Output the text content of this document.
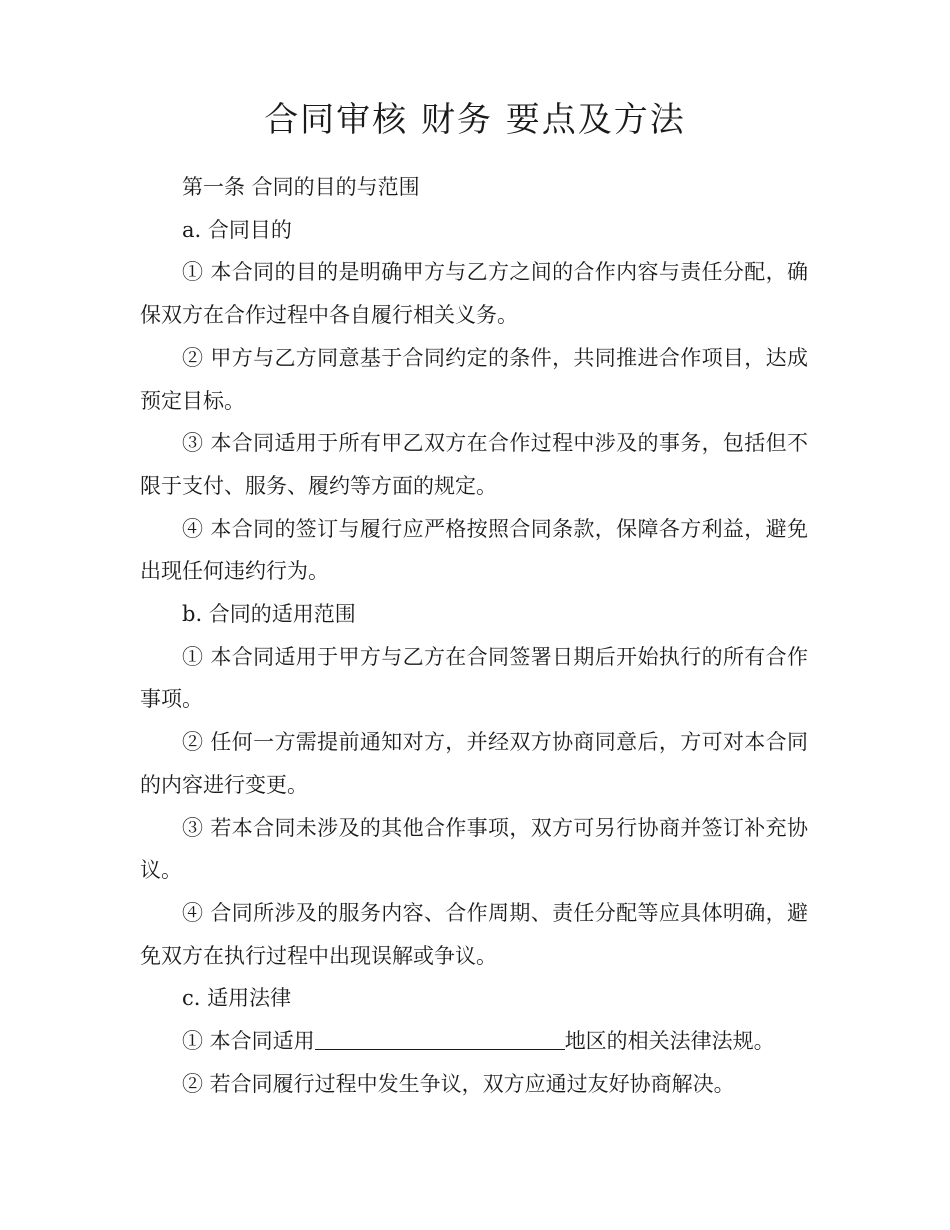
合同审核 财务 要点及方法

第一条 合同的目的与范围

a. 合同目的

① 本合同的目的是明确甲方与乙方之间的合作内容与责任分配，确保双方在合作过程中各自履行相关义务。

② 甲方与乙方同意基于合同约定的条件，共同推进合作项目，达成预定目标。

③ 本合同适用于所有甲乙双方在合作过程中涉及的事务，包括但不限于支付、服务、履约等方面的规定。

④ 本合同的签订与履行应严格按照合同条款，保障各方利益，避免出现任何违约行为。

b. 合同的适用范围

① 本合同适用于甲方与乙方在合同签署日期后开始执行的所有合作事项。

② 任何一方需提前通知对方，并经双方协商同意后，方可对本合同的内容进行变更。

③ 若本合同未涉及的其他合作事项，双方可另行协商并签订补充协议。

④ 合同所涉及的服务内容、合作周期、责任分配等应具体明确，避免双方在执行过程中出现误解或争议。

c. 适用法律

① 本合同适用	地区的相关法律法规。

② 若合同履行过程中发生争议，双方应通过友好协商解决。
